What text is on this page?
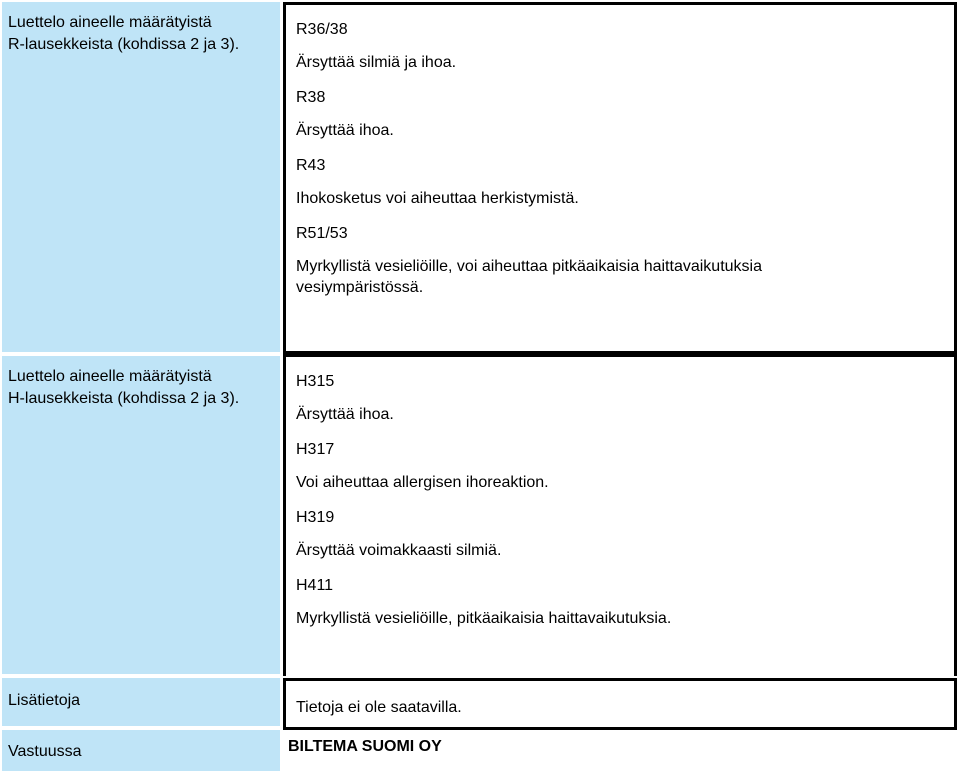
Luettelo aineelle määrätyistä
R-lausekkeista (kohdissa 2 ja 3).

R36/38

Ärsyttää silmiä ja ihoa.

R38

Ärsyttää ihoa.

R43

Ihokosketus voi aiheuttaa herkistymistä.

R51/53

Myrkyllistä vesieliöille, voi aiheuttaa pitkäaikaisia haittavaikutuksia vesiympäristössä.

Luettelo aineelle määrätyistä
H-lausekkeista (kohdissa 2 ja 3).

H315

Ärsyttää ihoa.

H317

Voi aiheuttaa allergisen ihoreaktion.

H319

Ärsyttää voimakkaasti silmiä.

H411

Myrkyllistä vesieliöille, pitkäaikaisia haittavaikutuksia.

Lisätietoja	Tietoja ei ole saatavilla.
Vastuussa	BILTEMA SUOMI OY
